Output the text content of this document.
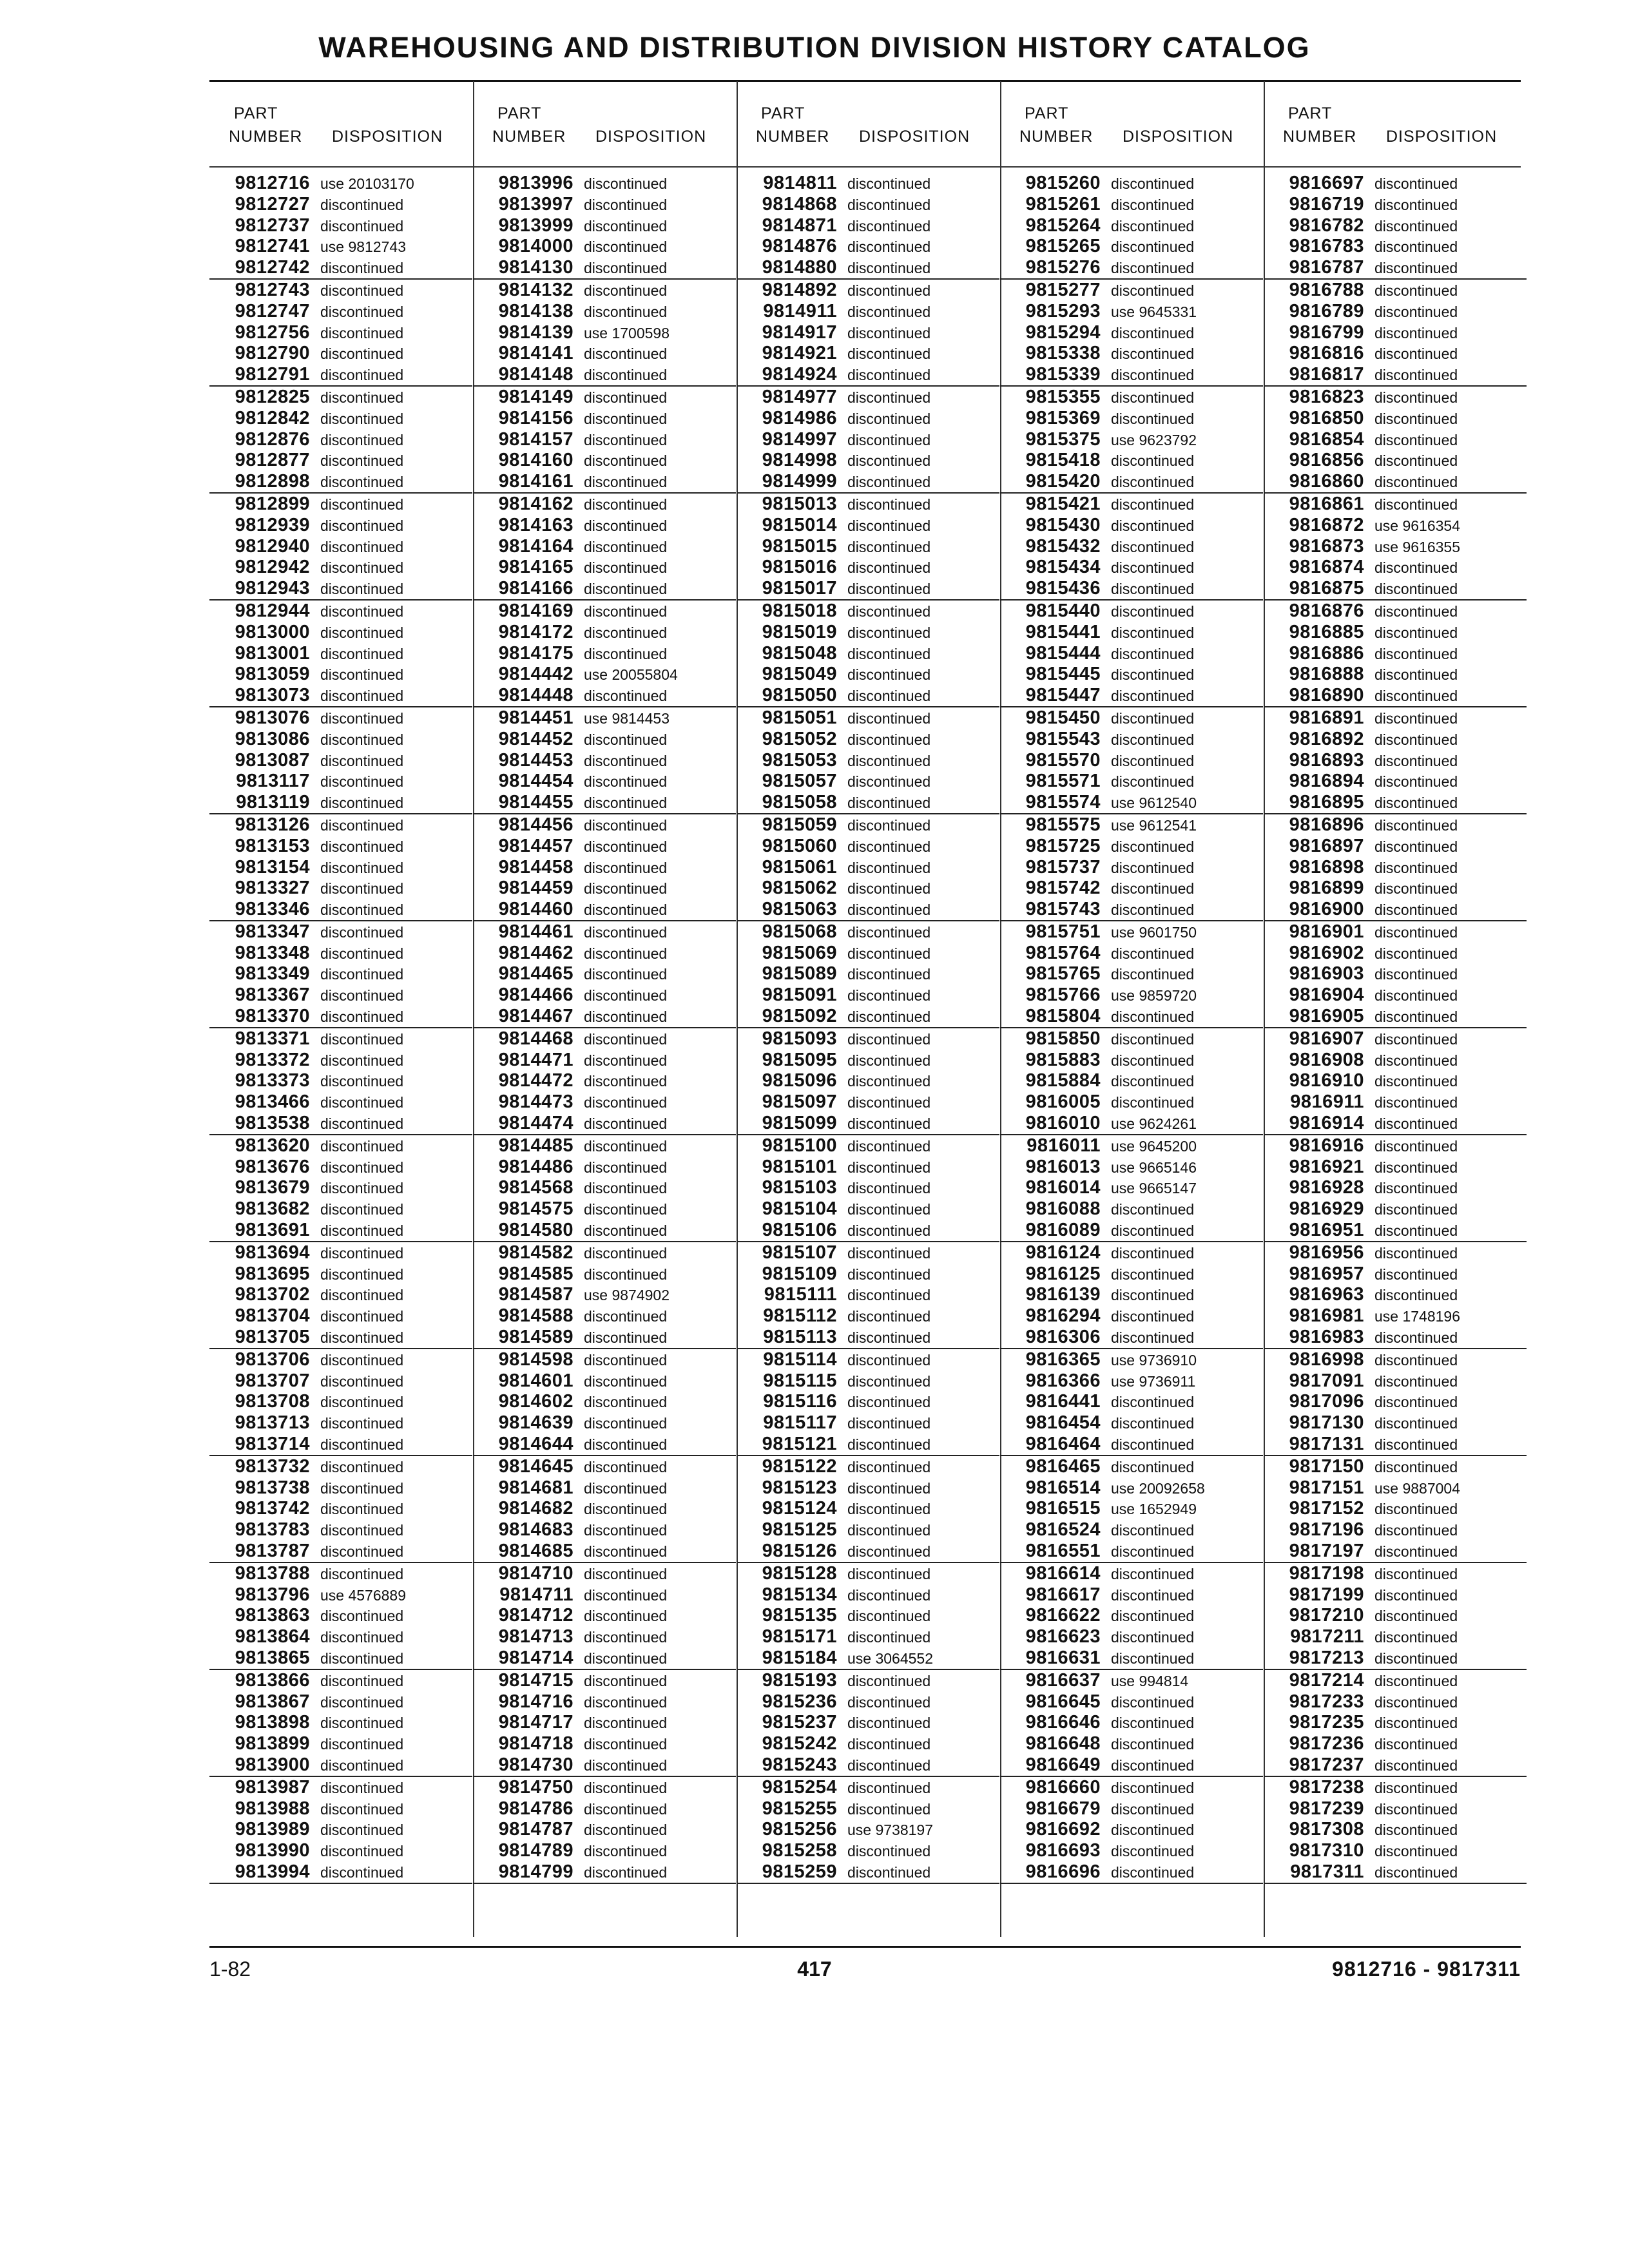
WAREHOUSING AND DISTRIBUTION DIVISION HISTORY CATALOG
PART
NUMBER DISPOSITION
PART
NUMBER DISPOSITION
PART
NUMBER DISPOSITION
PART
NUMBER DISPOSITION
PART
NUMBER DISPOSITION
9812716 use 20103170
9812727 discontinued
9812737 discontinued
9812741 use 9812743
9812742 discontinued
9812743 discontinued
9812747 discontinued
9812756 discontinued
9812790 discontinued
9812791 discontinued
9812825 discontinued
9812842 discontinued
9812876 discontinued
9812877 discontinued
9812898 discontinued
9812899 discontinued
9812939 discontinued
9812940 discontinued
9812942 discontinued
9812943 discontinued
9812944 discontinued
9813000 discontinued
9813001 discontinued
9813059 discontinued
9813073 discontinued
9813076 discontinued
9813086 discontinued
9813087 discontinued
9813117 discontinued
9813119 discontinued
9813126 discontinued
9813153 discontinued
9813154 discontinued
9813327 discontinued
9813346 discontinued
9813347 discontinued
9813348 discontinued
9813349 discontinued
9813367 discontinued
9813370 discontinued
9813371 discontinued
9813372 discontinued
9813373 discontinued
9813466 discontinued
9813538 discontinued
9813620 discontinued
9813676 discontinued
9813679 discontinued
9813682 discontinued
9813691 discontinued
9813694 discontinued
9813695 discontinued
9813702 discontinued
9813704 discontinued
9813705 discontinued
9813706 discontinued
9813707 discontinued
9813708 discontinued
9813713 discontinued
9813714 discontinued
9813732 discontinued
9813738 discontinued
9813742 discontinued
9813783 discontinued
9813787 discontinued
9813788 discontinued
9813796 use 4576889
9813863 discontinued
9813864 discontinued
9813865 discontinued
9813866 discontinued
9813867 discontinued
9813898 discontinued
9813899 discontinued
9813900 discontinued
9813987 discontinued
9813988 discontinued
9813989 discontinued
9813990 discontinued
9813994 discontinued
9813996 discontinued
9813997 discontinued
9813999 discontinued
9814000 discontinued
9814130 discontinued
9814132 discontinued
9814138 discontinued
9814139 use 1700598
9814141 discontinued
9814148 discontinued
9814149 discontinued
9814156 discontinued
9814157 discontinued
9814160 discontinued
9814161 discontinued
9814162 discontinued
9814163 discontinued
9814164 discontinued
9814165 discontinued
9814166 discontinued
9814169 discontinued
9814172 discontinued
9814175 discontinued
9814442 use 20055804
9814448 discontinued
9814451 use 9814453
9814452 discontinued
9814453 discontinued
9814454 discontinued
9814455 discontinued
9814456 discontinued
9814457 discontinued
9814458 discontinued
9814459 discontinued
9814460 discontinued
9814461 discontinued
9814462 discontinued
9814465 discontinued
9814466 discontinued
9814467 discontinued
9814468 discontinued
9814471 discontinued
9814472 discontinued
9814473 discontinued
9814474 discontinued
9814485 discontinued
9814486 discontinued
9814568 discontinued
9814575 discontinued
9814580 discontinued
9814582 discontinued
9814585 discontinued
9814587 use 9874902
9814588 discontinued
9814589 discontinued
9814598 discontinued
9814601 discontinued
9814602 discontinued
9814639 discontinued
9814644 discontinued
9814645 discontinued
9814681 discontinued
9814682 discontinued
9814683 discontinued
9814685 discontinued
9814710 discontinued
9814711 discontinued
9814712 discontinued
9814713 discontinued
9814714 discontinued
9814715 discontinued
9814716 discontinued
9814717 discontinued
9814718 discontinued
9814730 discontinued
9814750 discontinued
9814786 discontinued
9814787 discontinued
9814789 discontinued
9814799 discontinued
9814811 discontinued
9814868 discontinued
9814871 discontinued
9814876 discontinued
9814880 discontinued
9814892 discontinued
9814911 discontinued
9814917 discontinued
9814921 discontinued
9814924 discontinued
9814977 discontinued
9814986 discontinued
9814997 discontinued
9814998 discontinued
9814999 discontinued
9815013 discontinued
9815014 discontinued
9815015 discontinued
9815016 discontinued
9815017 discontinued
9815018 discontinued
9815019 discontinued
9815048 discontinued
9815049 discontinued
9815050 discontinued
9815051 discontinued
9815052 discontinued
9815053 discontinued
9815057 discontinued
9815058 discontinued
9815059 discontinued
9815060 discontinued
9815061 discontinued
9815062 discontinued
9815063 discontinued
9815068 discontinued
9815069 discontinued
9815089 discontinued
9815091 discontinued
9815092 discontinued
9815093 discontinued
9815095 discontinued
9815096 discontinued
9815097 discontinued
9815099 discontinued
9815100 discontinued
9815101 discontinued
9815103 discontinued
9815104 discontinued
9815106 discontinued
9815107 discontinued
9815109 discontinued
9815111 discontinued
9815112 discontinued
9815113 discontinued
9815114 discontinued
9815115 discontinued
9815116 discontinued
9815117 discontinued
9815121 discontinued
9815122 discontinued
9815123 discontinued
9815124 discontinued
9815125 discontinued
9815126 discontinued
9815128 discontinued
9815134 discontinued
9815135 discontinued
9815171 discontinued
9815184 use 3064552
9815193 discontinued
9815236 discontinued
9815237 discontinued
9815242 discontinued
9815243 discontinued
9815254 discontinued
9815255 discontinued
9815256 use 9738197
9815258 discontinued
9815259 discontinued
9815260 discontinued
9815261 discontinued
9815264 discontinued
9815265 discontinued
9815276 discontinued
9815277 discontinued
9815293 use 9645331
9815294 discontinued
9815338 discontinued
9815339 discontinued
9815355 discontinued
9815369 discontinued
9815375 use 9623792
9815418 discontinued
9815420 discontinued
9815421 discontinued
9815430 discontinued
9815432 discontinued
9815434 discontinued
9815436 discontinued
9815440 discontinued
9815441 discontinued
9815444 discontinued
9815445 discontinued
9815447 discontinued
9815450 discontinued
9815543 discontinued
9815570 discontinued
9815571 discontinued
9815574 use 9612540
9815575 use 9612541
9815725 discontinued
9815737 discontinued
9815742 discontinued
9815743 discontinued
9815751 use 9601750
9815764 discontinued
9815765 discontinued
9815766 use 9859720
9815804 discontinued
9815850 discontinued
9815883 discontinued
9815884 discontinued
9816005 discontinued
9816010 use 9624261
9816011 use 9645200
9816013 use 9665146
9816014 use 9665147
9816088 discontinued
9816089 discontinued
9816124 discontinued
9816125 discontinued
9816139 discontinued
9816294 discontinued
9816306 discontinued
9816365 use 9736910
9816366 use 9736911
9816441 discontinued
9816454 discontinued
9816464 discontinued
9816465 discontinued
9816514 use 20092658
9816515 use 1652949
9816524 discontinued
9816551 discontinued
9816614 discontinued
9816617 discontinued
9816622 discontinued
9816623 discontinued
9816631 discontinued
9816637 use 994814
9816645 discontinued
9816646 discontinued
9816648 discontinued
9816649 discontinued
9816660 discontinued
9816679 discontinued
9816692 discontinued
9816693 discontinued
9816696 discontinued
9816697 discontinued
9816719 discontinued
9816782 discontinued
9816783 discontinued
9816787 discontinued
9816788 discontinued
9816789 discontinued
9816799 discontinued
9816816 discontinued
9816817 discontinued
9816823 discontinued
9816850 discontinued
9816854 discontinued
9816856 discontinued
9816860 discontinued
9816861 discontinued
9816872 use 9616354
9816873 use 9616355
9816874 discontinued
9816875 discontinued
9816876 discontinued
9816885 discontinued
9816886 discontinued
9816888 discontinued
9816890 discontinued
9816891 discontinued
9816892 discontinued
9816893 discontinued
9816894 discontinued
9816895 discontinued
9816896 discontinued
9816897 discontinued
9816898 discontinued
9816899 discontinued
9816900 discontinued
9816901 discontinued
9816902 discontinued
9816903 discontinued
9816904 discontinued
9816905 discontinued
9816907 discontinued
9816908 discontinued
9816910 discontinued
9816911 discontinued
9816914 discontinued
9816916 discontinued
9816921 discontinued
9816928 discontinued
9816929 discontinued
9816951 discontinued
9816956 discontinued
9816957 discontinued
9816963 discontinued
9816981 use 1748196
9816983 discontinued
9816998 discontinued
9817091 discontinued
9817096 discontinued
9817130 discontinued
9817131 discontinued
9817150 discontinued
9817151 use 9887004
9817152 discontinued
9817196 discontinued
9817197 discontinued
9817198 discontinued
9817199 discontinued
9817210 discontinued
9817211 discontinued
9817213 discontinued
9817214 discontinued
9817233 discontinued
9817235 discontinued
9817236 discontinued
9817237 discontinued
9817238 discontinued
9817239 discontinued
9817308 discontinued
9817310 discontinued
9817311 discontinued
1-82	417	9812716 - 9817311
